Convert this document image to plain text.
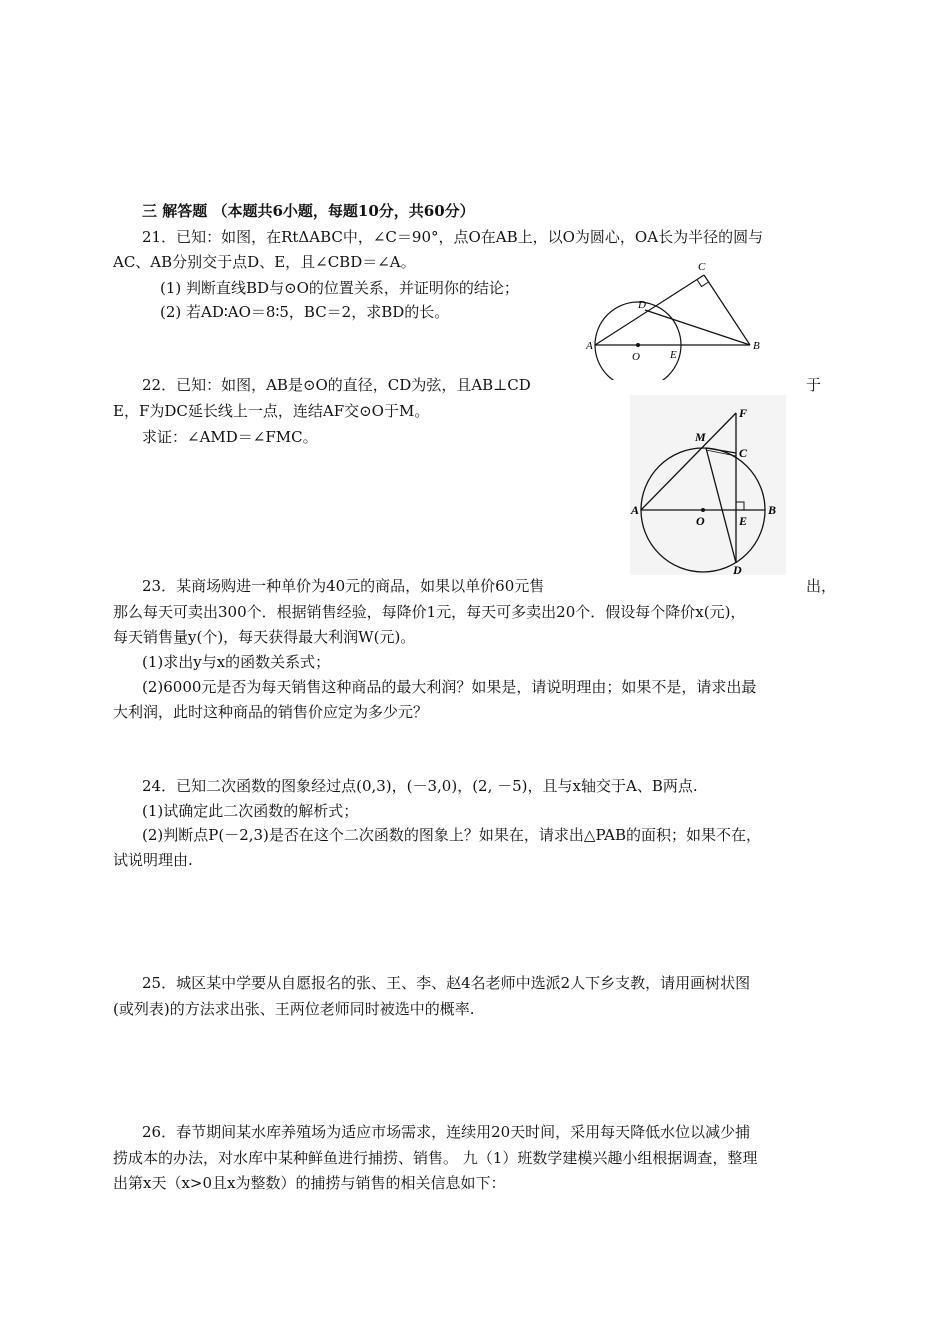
三 解答题 （本题共6小题，每题10分，共60分）
21．已知：如图，在RtΔABC中，∠C＝90°，点O在AB上，以O为圆心，OA长为半径的圆与
AC、AB分别交于点D、E，且∠CBD＝∠A。
(1) 判断直线BD与⊙O的位置关系，并证明你的结论；
(2) 若AD∶AO＝8∶5，BC＝2，求BD的长。
A	B
C
D
E
O
22．已知：如图，AB是⊙O的直径，CD为弦，且AB⊥CD	于
E，F为DC延长线上一点，连结AF交⊙O于M。
求证：∠AMD＝∠FMC。
A	B
C
D
E
F
M
O
23．某商场购进一种单价为40元的商品，如果以单价60元售	出，
那么每天可卖出300个．根据销售经验，每降价1元，每天可多卖出20个．假设每个降价x(元)，
每天销售量y(个)，每天获得最大利润W(元)。
(1)求出y与x的函数关系式；
(2)6000元是否为每天销售这种商品的最大利润？如果是，请说明理由；如果不是，请求出最
大利润，此时这种商品的销售价应定为多少元？
24．已知二次函数的图象经过点(0,3)，(－3,0)，(2, －5)，且与x轴交于A、B两点.
(1)试确定此二次函数的解析式；
(2)判断点P(－2,3)是否在这个二次函数的图象上？如果在，请求出△PAB的面积；如果不在，
试说明理由.
25．城区某中学要从自愿报名的张、王、李、赵4名老师中选派2人下乡支教，请用画树状图
(或列表)的方法求出张、王两位老师同时被选中的概率.
26．春节期间某水库养殖场为适应市场需求，连续用20天时间，采用每天降低水位以减少捕
捞成本的办法，对水库中某种鲜鱼进行捕捞、销售。 九（1）班数学建模兴趣小组根据调查，整理
出第x天（x>0且x为整数）的捕捞与销售的相关信息如下：
